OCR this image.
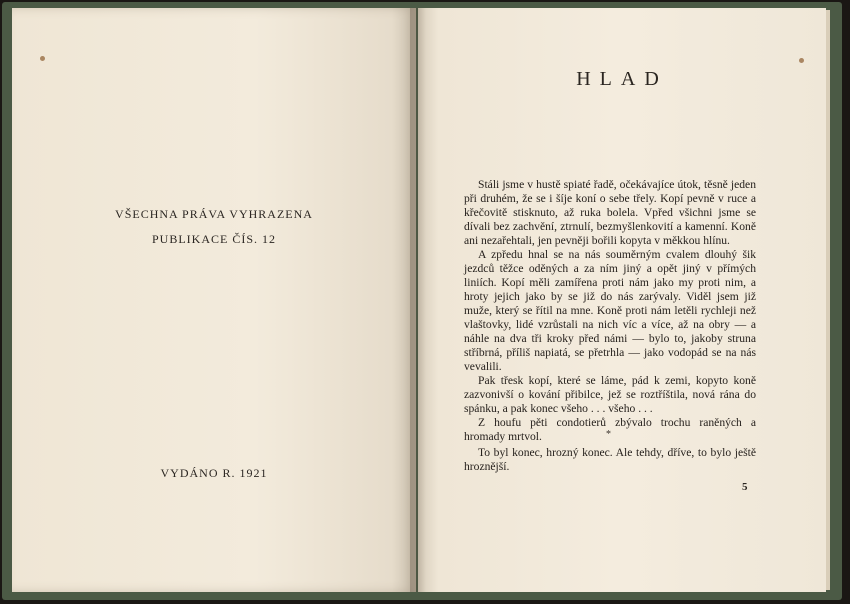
VŠECHNA PRÁVA VYHRAZENA
PUBLIKACE ČÍS. 12
VYDÁNO R. 1921
HLAD

Stáli jsme v hustě spiaté řadě, očekávajíce útok, těsně jeden při druhém, že se i šíje koní o sebe třely. Kopí pevně v ruce a křečovitě stisknuto, až ruka bolela. Vpřed všichni jsme se dívali bez zachvění, ztrnulí, bezmyšlenkovití a kamenní. Koně ani nezařehtali, jen pevněji bořili kopyta v měkkou hlínu.

A zpředu hnal se na nás souměrným cvalem dlouhý šik jezdců těžce oděných a za ním jiný a opět jiný v přímých liniích. Kopí měli zamířena proti nám jako my proti nim, a hroty jejich jako by se již do nás zarývaly. Viděl jsem již muže, který se řítil na mne. Koně proti nám letěli rychleji než vlaštovky, lidé vzrůstali na nich víc a více, až na obry — a náhle na dva tři kroky před námi — bylo to, jakoby struna stříbrná, příliš napiatá, se přetrhla — jako vodopád se na nás vevalili.

Pak třesk kopí, které se láme, pád k zemi, kopyto koně zazvonivší o kování přibilce, jež se roztříštila, nová rána do spánku, a pak konec všeho . . . všeho . . .

Z houfu pěti condotierů zbývalo trochu raněných a hromady mrtvol.	*

To byl konec, hrozný konec. Ale tehdy, dříve, to bylo ještě hroznější.

5
